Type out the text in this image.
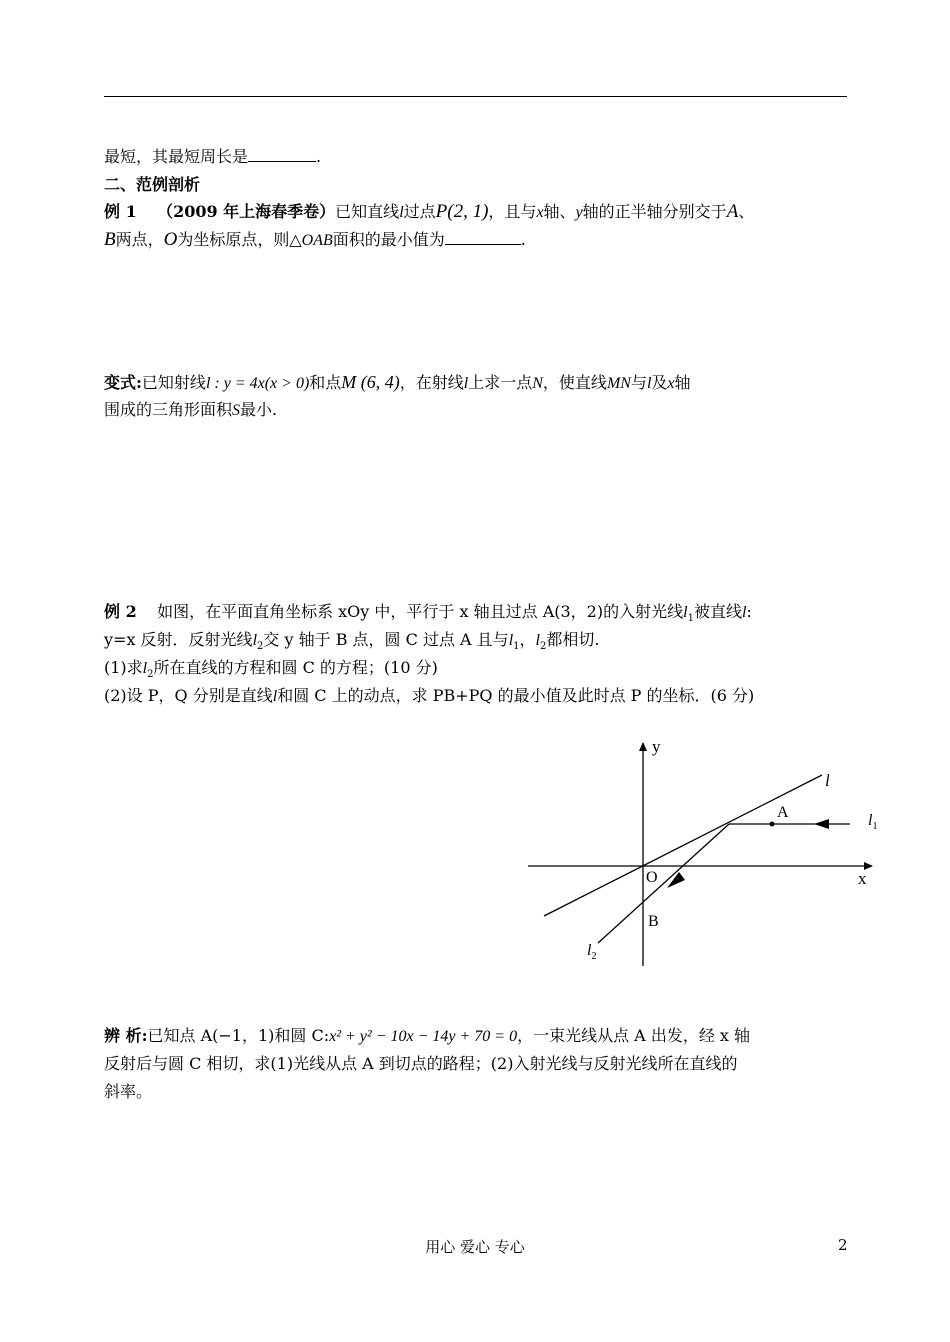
最短，其最短周长是	.
二、范例剖析
例 1 （2009 年上海春季卷）已知直线l过点P(2, 1)，且与x轴、y轴的正半轴分别交于A、
B两点，O为坐标原点，则△OAB面积的最小值为	.
变式:已知射线l : y = 4x(x > 0)和点M (6, 4)，在射线l上求一点N，使直线MN与l及x轴
围成的三角形面积S最小.
例 2 如图，在平面直角坐标系 xOy 中，平行于 x 轴且过点 A(3，2)的入射光线$l_1$被直线l:
y=x 反射．反射光线$l_2$交 y 轴于 B 点，圆 C 过点 A 且与$l_1$，$l_2$都相切.
(1)求$l_2$所在直线的方程和圆 C 的方程；(10 分)
(2)设 P，Q 分别是直线l和圆 C 上的动点，求 PB+PQ 的最小值及此时点 P 的坐标．(6 分)
y
x
O
A
B
l
$l_1$
$l_2$
辨 析:已知点 A(−1，1)和圆 C:x² + y² − 10x − 14y + 70 = 0，一束光线从点 A 出发，经 x 轴
反射后与圆 C 相切，求(1)光线从点 A 到切点的路程；(2)入射光线与反射光线所在直线的
斜率。
用心 爱心 专心	2
